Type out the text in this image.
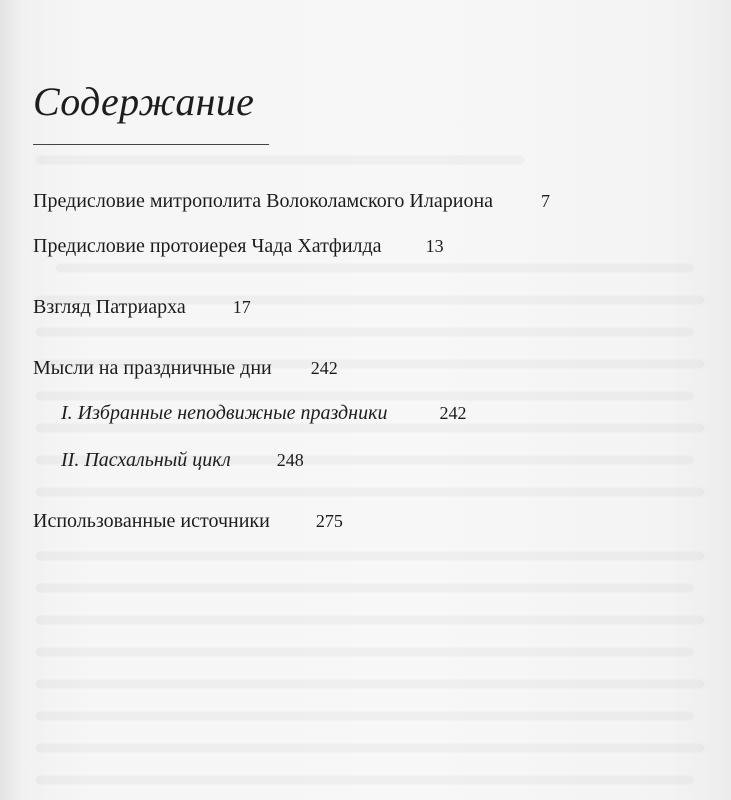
Содержание
Предисловие митрополита Волоколамского Илариона	7
Предисловие протоиерея Чада Хатфилда 13
Взгляд Патриарха	17
Мысли на праздничные дни 242
I. Избранные неподвижные праздники	242
II. Пасхальный цикл	248
Использованные источники	275
